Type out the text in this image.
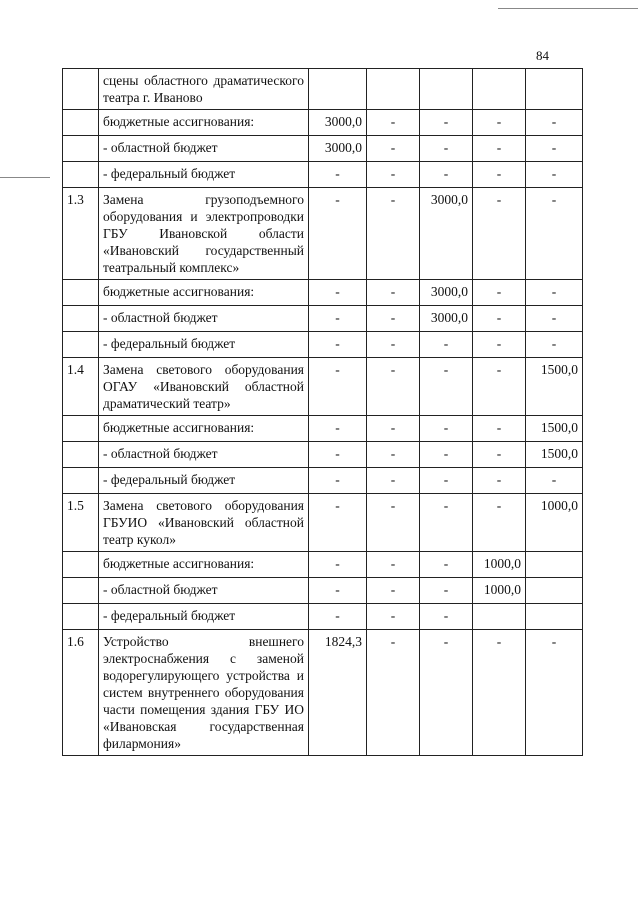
84
	сцены областного драматического театра г. Иваново					
	бюджетные ассигнования:	3000,0	-	-	-	-
	- областной бюджет	3000,0	-	-	-	-
	- федеральный бюджет	-	-	-	-	-
1.3	Замена грузоподъемного оборудования и электропроводки ГБУ Ивановской области «Ивановский государственный театральный комплекс»	-	-	3000,0	-	-
	бюджетные ассигнования:	-	-	3000,0	-	-
	- областной бюджет	-	-	3000,0	-	-
	- федеральный бюджет	-	-	-	-	-
1.4	Замена светового оборудования ОГАУ «Ивановский областной драматический театр»	-	-	-	-	1500,0
	бюджетные ассигнования:	-	-	-	-	1500,0
	- областной бюджет	-	-	-	-	1500,0
	- федеральный бюджет	-	-	-	-	-
1.5	Замена светового оборудования ГБУИО «Ивановский областной театр кукол»	-	-	-	-	1000,0
	бюджетные ассигнования:	-	-	-	1000,0	
	- областной бюджет	-	-	-	1000,0	
	- федеральный бюджет	-	-	-		
1.6	Устройство внешнего электроснабжения с заменой водорегулирующего устройства и систем внутреннего оборудования части помещения здания ГБУ ИО «Ивановская государственная филармония»	1824,3	-	-	-	-
